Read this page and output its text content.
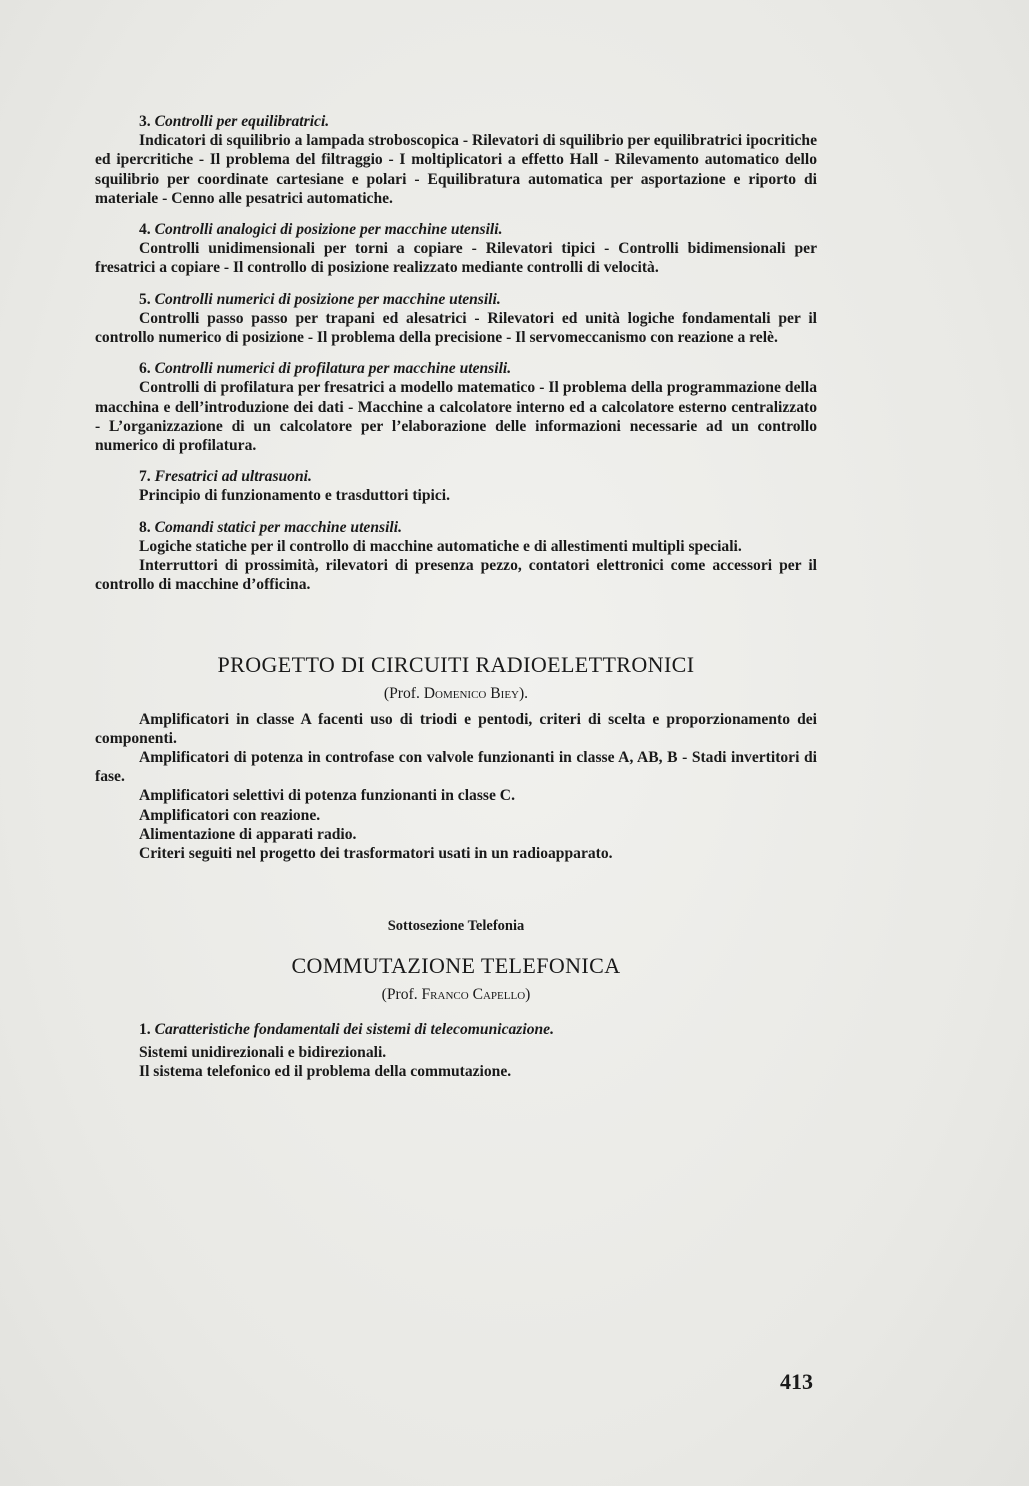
3. Controlli per equilibratrici.

Indicatori di squilibrio a lampada stroboscopica - Rilevatori di squilibrio per equilibratrici ipocritiche ed ipercritiche - Il problema del filtraggio - I moltiplicatori a effetto Hall - Rilevamento automatico dello squilibrio per coordinate cartesiane e polari - Equilibratura automatica per asportazione e riporto di materiale - Cenno alle pesatrici automatiche.

4. Controlli analogici di posizione per macchine utensili.

Controlli unidimensionali per torni a copiare - Rilevatori tipici - Controlli bidimensionali per fresatrici a copiare - Il controllo di posizione realizzato mediante controlli di velocità.

5. Controlli numerici di posizione per macchine utensili.

Controlli passo passo per trapani ed alesatrici - Rilevatori ed unità logiche fondamentali per il controllo numerico di posizione - Il problema della precisione - Il servomeccanismo con reazione a relè.

6. Controlli numerici di profilatura per macchine utensili.

Controlli di profilatura per fresatrici a modello matematico - Il problema della programmazione della macchina e dell’introduzione dei dati - Macchine a calcolatore interno ed a calcolatore esterno centralizzato - L’organizzazione di un calcolatore per l’elaborazione delle informazioni necessarie ad un controllo numerico di profilatura.

7. Fresatrici ad ultrasuoni.

Principio di funzionamento e trasduttori tipici.

8. Comandi statici per macchine utensili.

Logiche statiche per il controllo di macchine automatiche e di allestimenti multipli speciali.

Interruttori di prossimità, rilevatori di presenza pezzo, contatori elettronici come accessori per il controllo di macchine d’officina.

PROGETTO DI CIRCUITI RADIOELETTRONICI

(Prof. Domenico Biey).

Amplificatori in classe A facenti uso di triodi e pentodi, criteri di scelta e proporzionamento dei componenti.

Amplificatori di potenza in controfase con valvole funzionanti in classe A, AB, B - Stadi invertitori di fase.

Amplificatori selettivi di potenza funzionanti in classe C.

Amplificatori con reazione.

Alimentazione di apparati radio.

Criteri seguiti nel progetto dei trasformatori usati in un radioapparato.

Sottosezione Telefonia

COMMUTAZIONE TELEFONICA

(Prof. Franco Capello)

1. Caratteristiche fondamentali dei sistemi di telecomunicazione.

Sistemi unidirezionali e bidirezionali.

Il sistema telefonico ed il problema della commutazione.

413
